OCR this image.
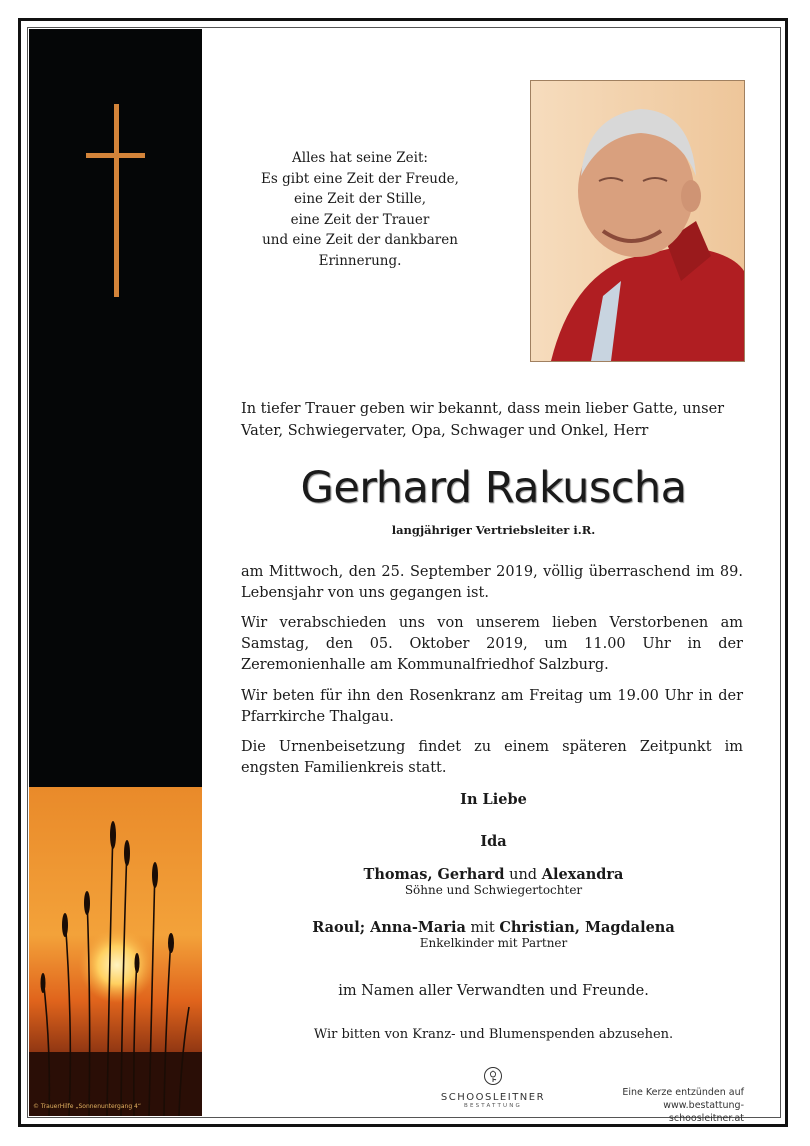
© TrauerHilfe „Sonnenuntergang 4“
Alles hat seine Zeit:
Es gibt eine Zeit der Freude,
eine Zeit der Stille,
eine Zeit der Trauer
und eine Zeit der dankbaren
Erinnerung.
In tiefer Trauer geben wir bekannt, dass mein lieber Gatte, unser Vater, Schwiegervater, Opa, Schwager und Onkel, Herr
Gerhard Rakuscha
langjähriger Vertriebsleiter i.R.
am Mittwoch, den 25. September 2019, völlig überraschend im 89. Lebensjahr von uns gegangen ist.
Wir verabschieden uns von unserem lieben Verstorbenen am Samstag, den 05. Oktober 2019, um 11.00 Uhr in der Zeremonienhalle am Kommunalfriedhof Salzburg.
Wir beten für ihn den Rosenkranz am Freitag um 19.00 Uhr in der Pfarrkirche Thalgau.
Die Urnenbeisetzung findet zu einem späteren Zeitpunkt im engsten Familienkreis statt.
In Liebe
Ida
Thomas, Gerhard und Alexandra
Söhne und Schwiegertochter
Raoul; Anna-Maria mit Christian, Magdalena
Enkelkinder mit Partner
im Namen aller Verwandten und Freunde.
Wir bitten von Kranz- und Blumenspenden abzusehen.
SCHOOSLEITNER
BESTATTUNG
Eine Kerze entzünden auf
www.bestattung-schoosleitner.at
